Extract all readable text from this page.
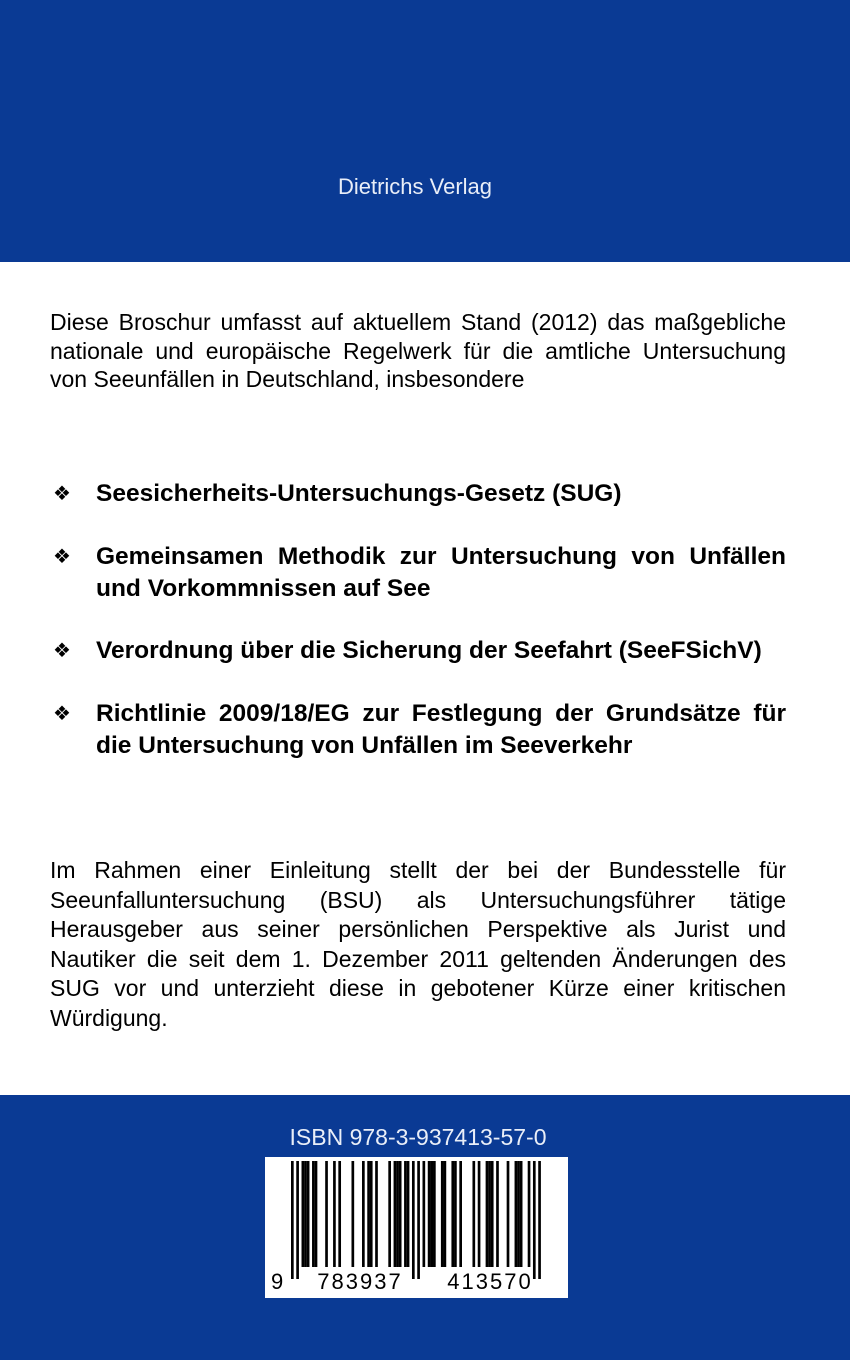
Dietrichs Verlag

Diese Broschur umfasst auf aktuellem Stand (2012) das maßgebliche nationale und europäische Regelwerk für die amtliche Untersuchung von Seeunfällen in Deutschland, insbesondere

❖	Seesicherheits-Untersuchungs-Gesetz (SUG)
❖	Gemeinsamen Methodik zur Untersuchung von Unfällen und Vorkommnissen auf See
❖	Verordnung über die Sicherung der Seefahrt (SeeFSichV)
❖	Richtlinie 2009/18/EG zur Festlegung der Grundsätze für die Untersuchung von Unfällen im Seeverkehr

Im Rahmen einer Einleitung stellt der bei der Bundesstelle für Seeunfalluntersuchung (BSU) als Untersuchungsführer tätige Herausgeber aus seiner persönlichen Perspektive als Jurist und Nautiker die seit dem 1. Dezember 2011 geltenden Änderungen des SUG vor und unterzieht diese in gebotener Kürze einer kritischen Würdigung.

ISBN 978-3-937413-57-0
9	783937	413570
